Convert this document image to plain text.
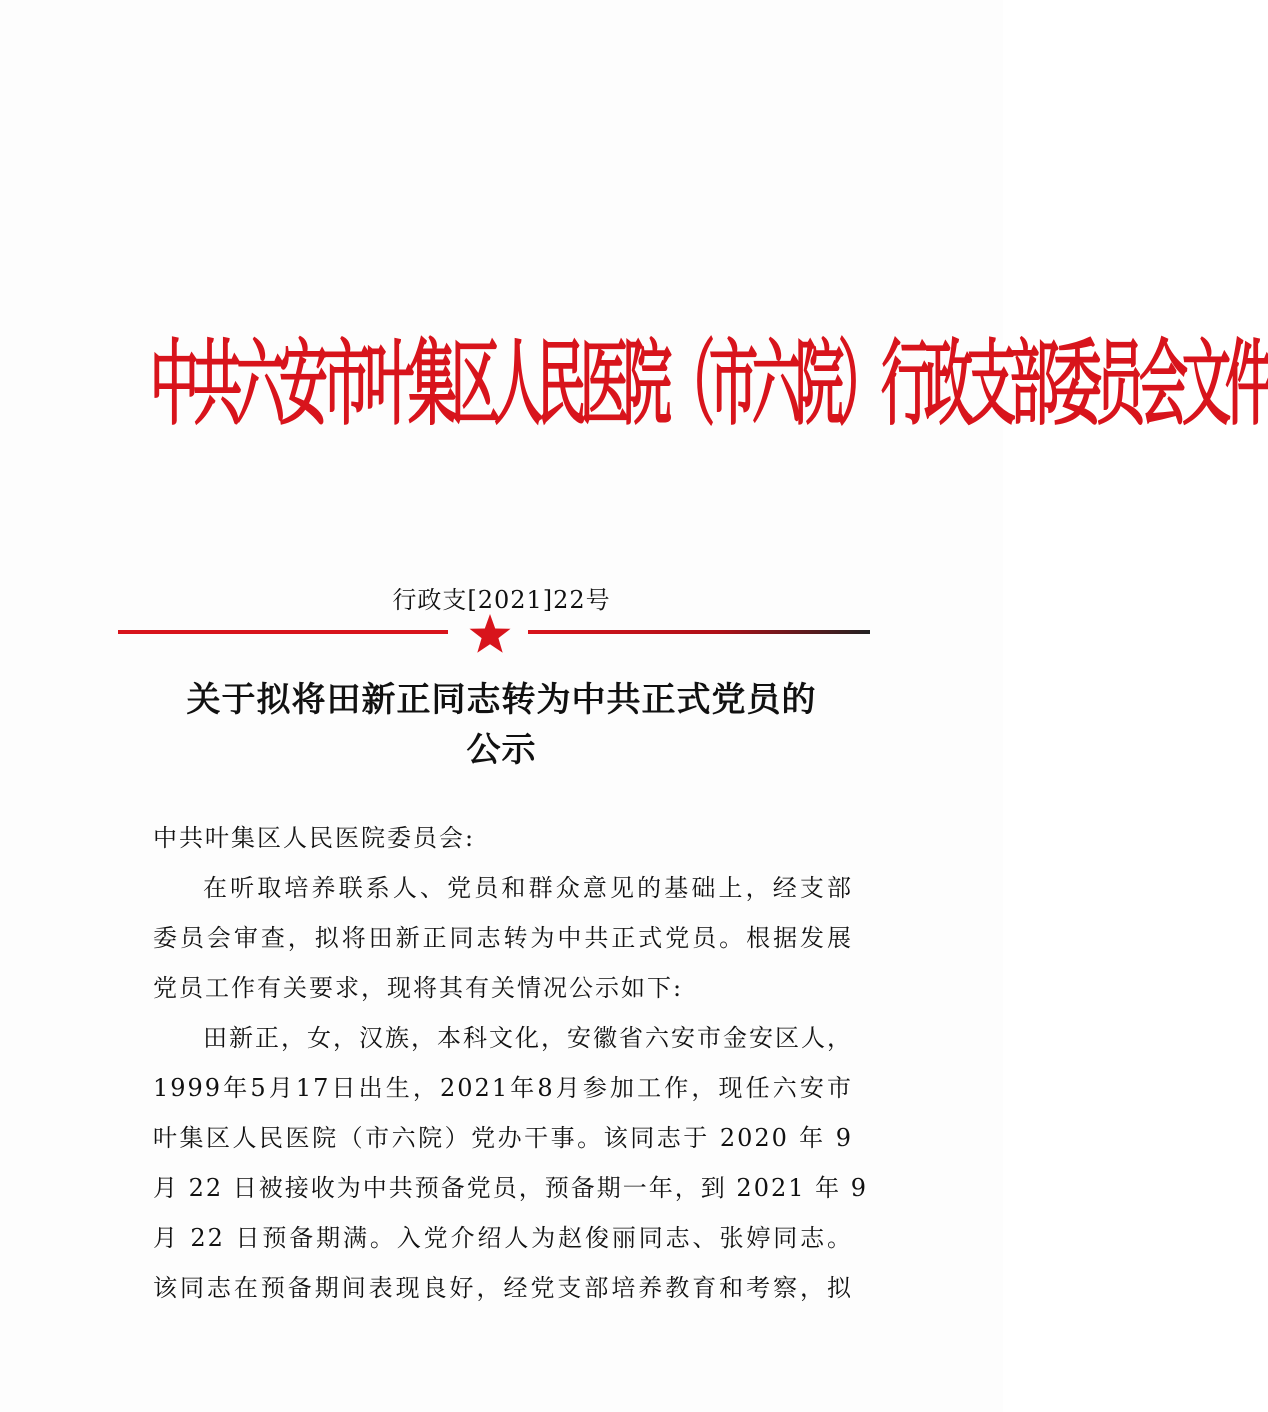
中共六安市叶集区人民医院（市六院）行政支部委员会文件
行政支[2021]22号
关于拟将田新正同志转为中共正式党员的
公示
中共叶集区人民医院委员会:
在听取培养联系人、党员和群众意见的基础上，经支部
委员会审查，拟将田新正同志转为中共正式党员。根据发展
党员工作有关要求，现将其有关情况公示如下:
田新正，女，汉族，本科文化，安徽省六安市金安区人，
1999年5月17日出生，2021年8月参加工作，现任六安市
叶集区人民医院（市六院）党办干事。该同志于 2020 年 9
月 22 日被接收为中共预备党员，预备期一年，到 2021 年 9
月 22 日预备期满。入党介绍人为赵俊丽同志、张婷同志。
该同志在预备期间表现良好，经党支部培养教育和考察，拟
